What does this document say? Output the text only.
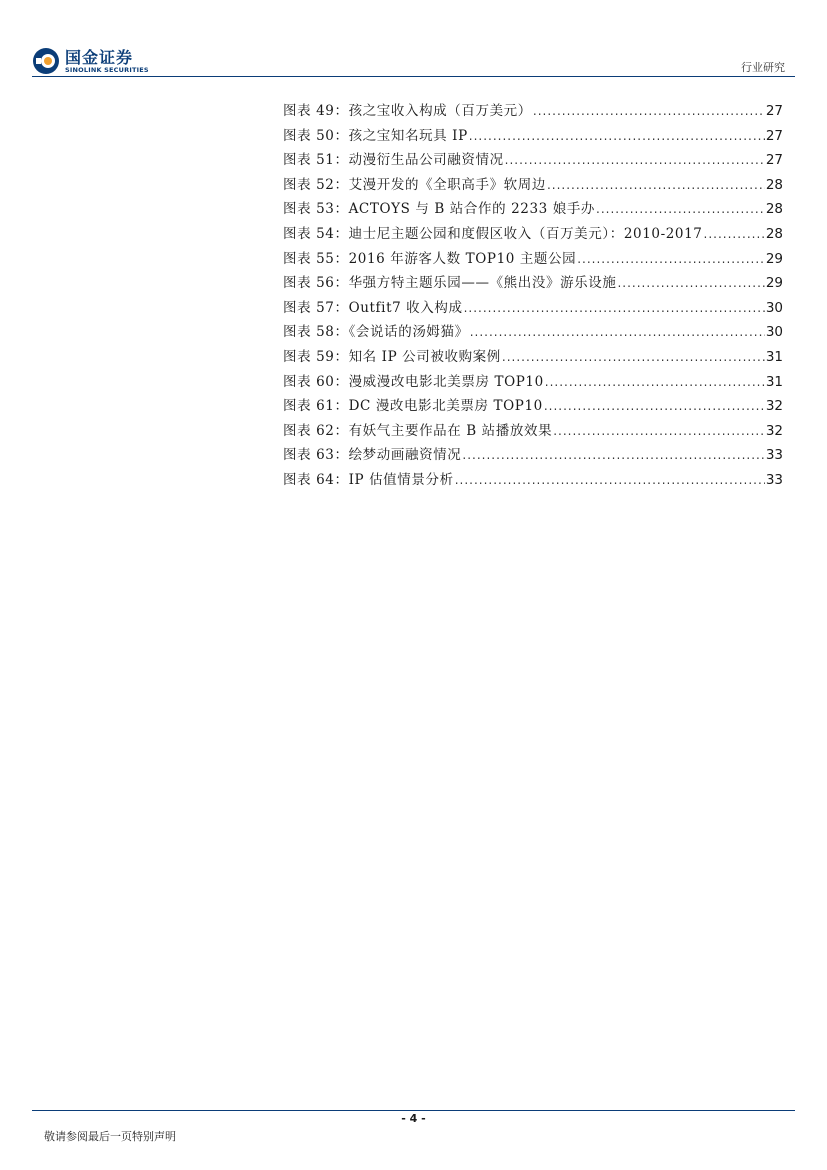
国金证券
SINOLINK SECURITIES	行业研究
图表 49：孩之宝收入构成（百万美元） .....	27
图表 50：孩之宝知名玩具 IP .....	27
图表 51：动漫衍生品公司融资情况 .....	27
图表 52：艾漫开发的《全职高手》软周边 .....	28
图表 53：ACTOYS 与 B 站合作的 2233 娘手办 .....	28
图表 54：迪士尼主题公园和度假区收入（百万美元）：2010-2017 .....	28
图表 55：2016 年游客人数 TOP10 主题公园 .....	29
图表 56：华强方特主题乐园——《熊出没》游乐设施 .....	29
图表 57：Outfit7 收入构成 .....	30
图表 58：《会说话的汤姆猫》 .....	30
图表 59：知名 IP 公司被收购案例 .....	31
图表 60：漫威漫改电影北美票房 TOP10 .....	31
图表 61：DC 漫改电影北美票房 TOP10 .....	32
图表 62：有妖气主要作品在 B 站播放效果 .....	32
图表 63：绘梦动画融资情况 .....	33
图表 64：IP 估值情景分析 .....	33
- 4 -
敬请参阅最后一页特别声明
